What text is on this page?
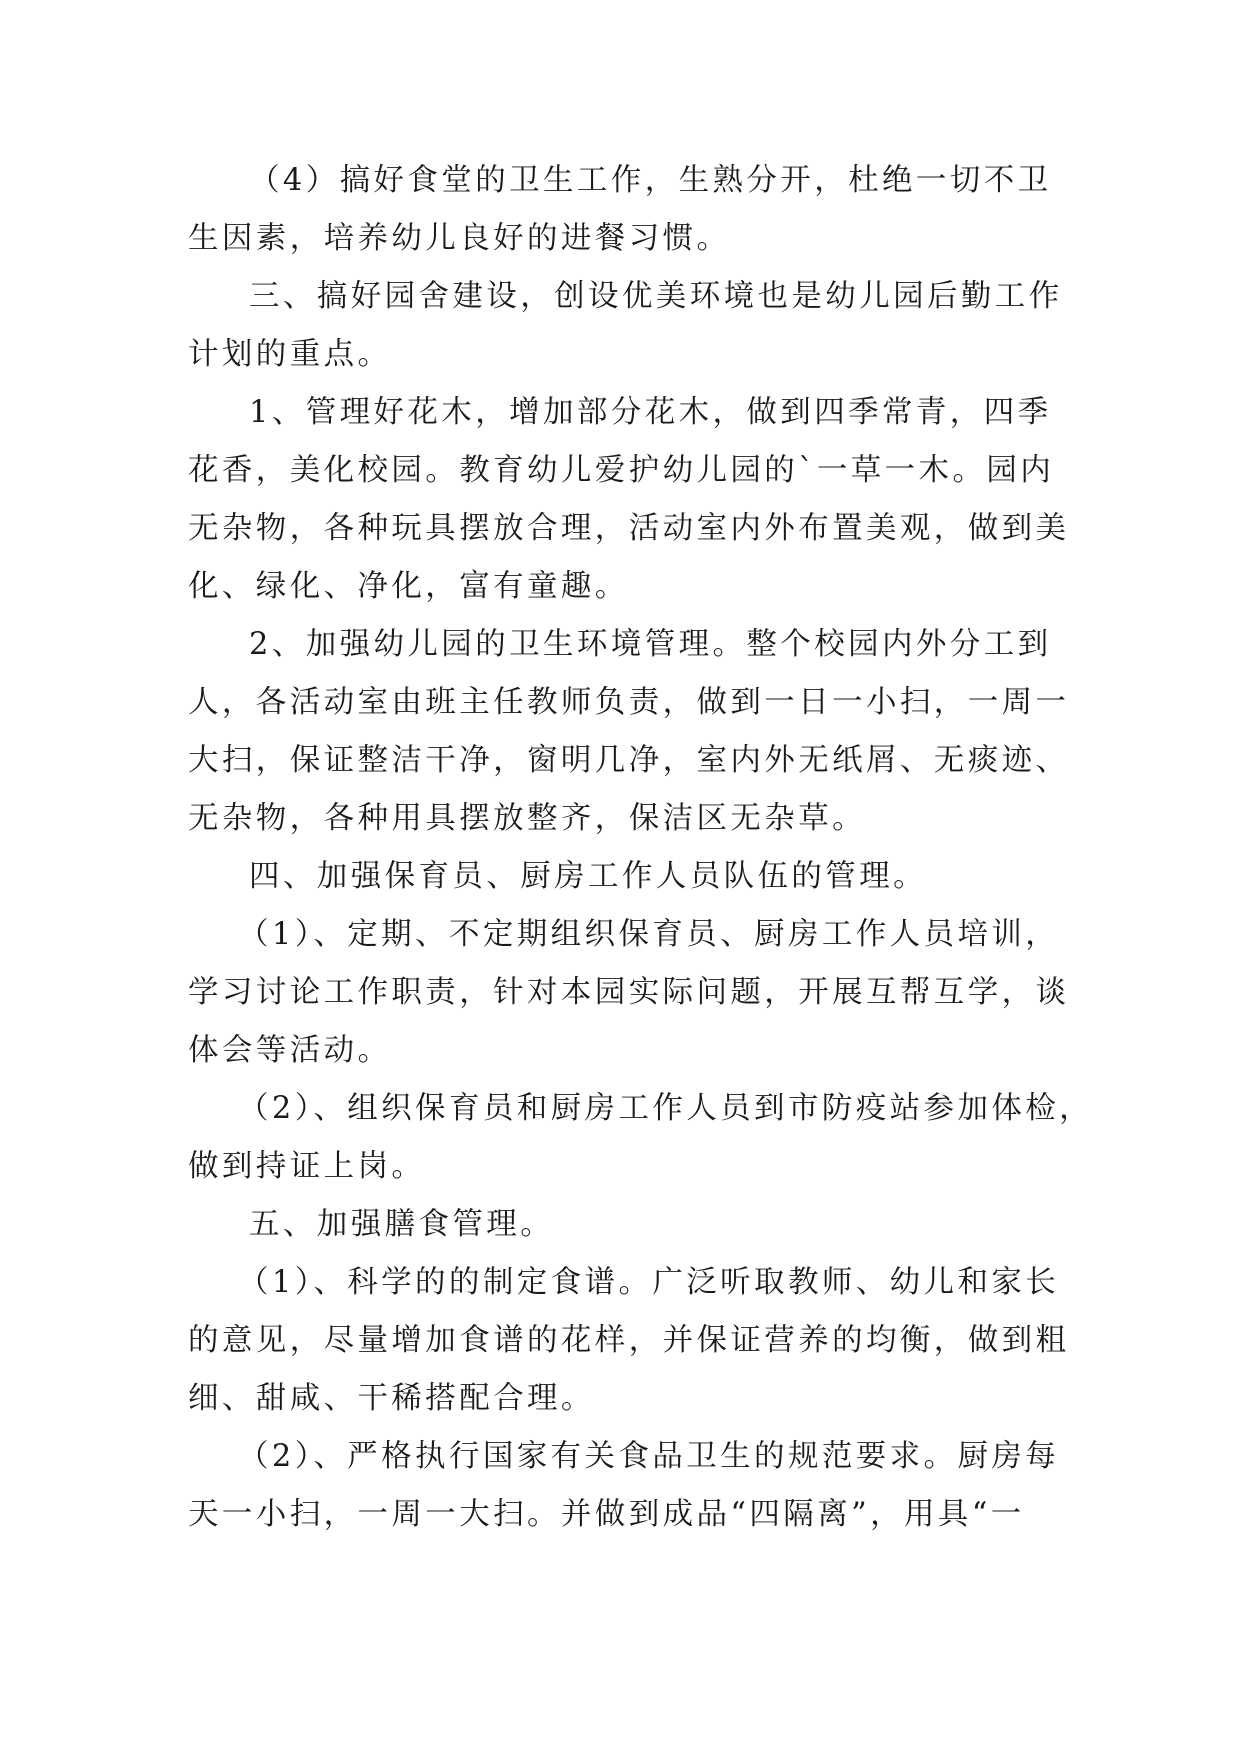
（4）搞好食堂的卫生工作，生熟分开，杜绝一切不卫
生因素，培养幼儿良好的进餐习惯。

三、搞好园舍建设，创设优美环境也是幼儿园后勤工作
计划的重点。

1、管理好花木，增加部分花木，做到四季常青，四季
花香，美化校园。教育幼儿爱护幼儿园的`一草一木。园内
无杂物，各种玩具摆放合理，活动室内外布置美观，做到美
化、绿化、净化，富有童趣。

2、加强幼儿园的卫生环境管理。整个校园内外分工到
人，各活动室由班主任教师负责，做到一日一小扫，一周一
大扫，保证整洁干净，窗明几净，室内外无纸屑、无痰迹、
无杂物，各种用具摆放整齐，保洁区无杂草。

四、加强保育员、厨房工作人员队伍的管理。

（1）、定期、不定期组织保育员、厨房工作人员培训，
学习讨论工作职责，针对本园实际问题，开展互帮互学，谈
体会等活动。

（2）、组织保育员和厨房工作人员到市防疫站参加体检，
做到持证上岗。

五、加强膳食管理。

（1）、科学的的制定食谱。广泛听取教师、幼儿和家长
的意见，尽量增加食谱的花样，并保证营养的均衡，做到粗
细、甜咸、干稀搭配合理。

（2）、严格执行国家有关食品卫生的规范要求。厨房每
天一小扫，一周一大扫。并做到成品“四隔离”，用具“一
